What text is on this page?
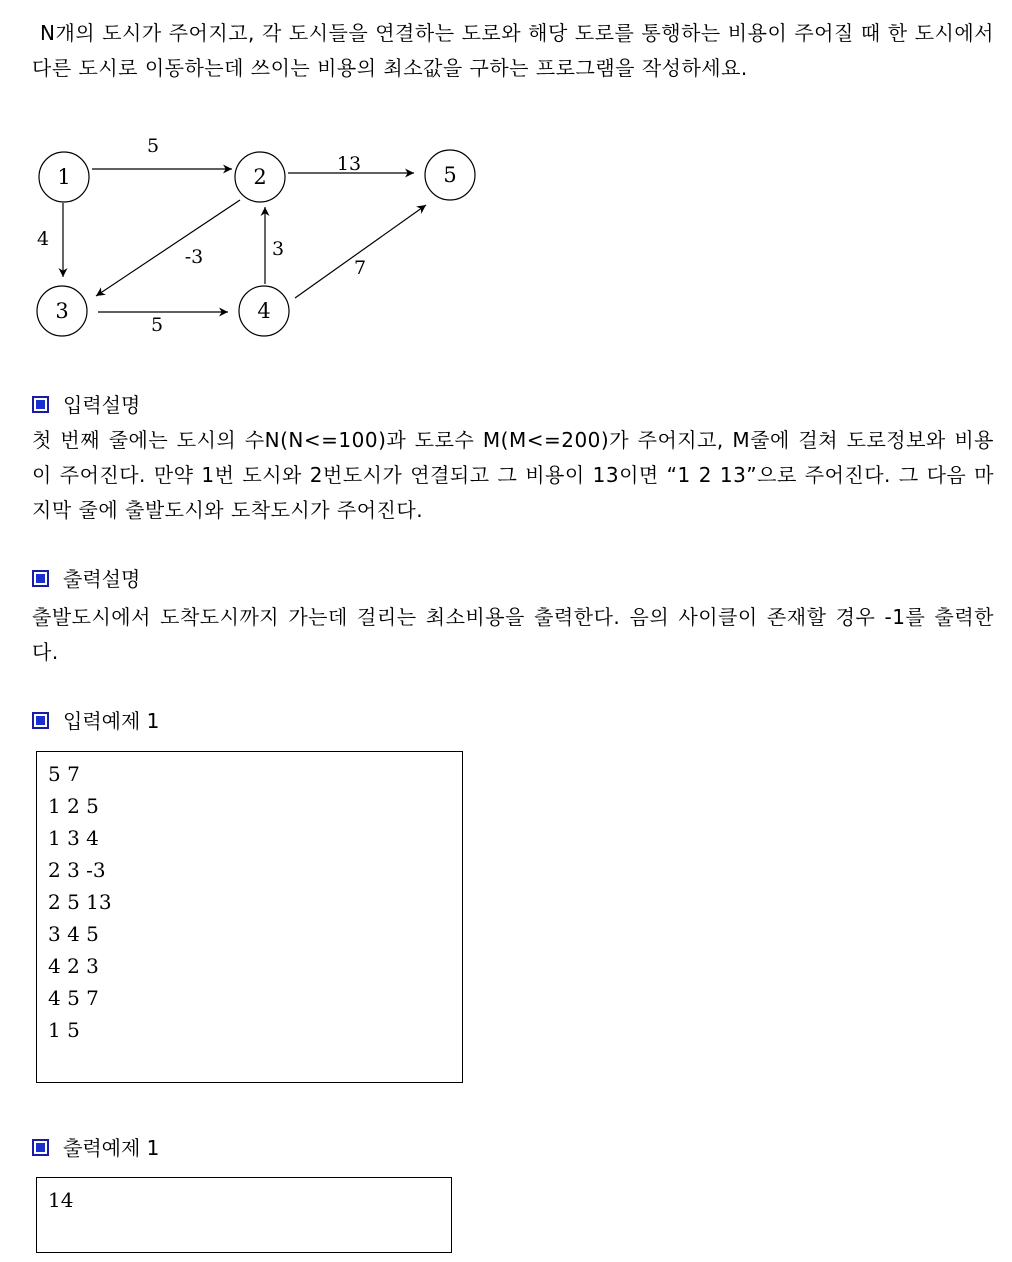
N개의 도시가 주어지고, 각 도시들을 연결하는 도로와 해당 도로를 통행하는 비용이 주어질 때 한 도시에서 다른 도시로 이동하는데 쓰이는 비용의 최소값을 구하는 프로그램을 작성하세요.
1	2
3	4
5
5
13
4
-3	3
7
5
입력설명
첫 번째 줄에는 도시의 수N(N<=100)과 도로수 M(M<=200)가 주어지고, M줄에 걸쳐 도로정보와 비용이 주어진다. 만약 1번 도시와 2번도시가 연결되고 그 비용이 13이면 “1 2 13”으로 주어진다. 그 다음 마지막 줄에 출발도시와 도착도시가 주어진다.
출력설명
출발도시에서 도착도시까지 가는데 걸리는 최소비용을 출력한다. 음의 사이클이 존재할 경우 -1를 출력한다.
입력예제 1
5 7
1 2 5
1 3 4
2 3 -3
2 5 13
3 4 5
4 2 3
4 5 7
1 5
출력예제 1
14
